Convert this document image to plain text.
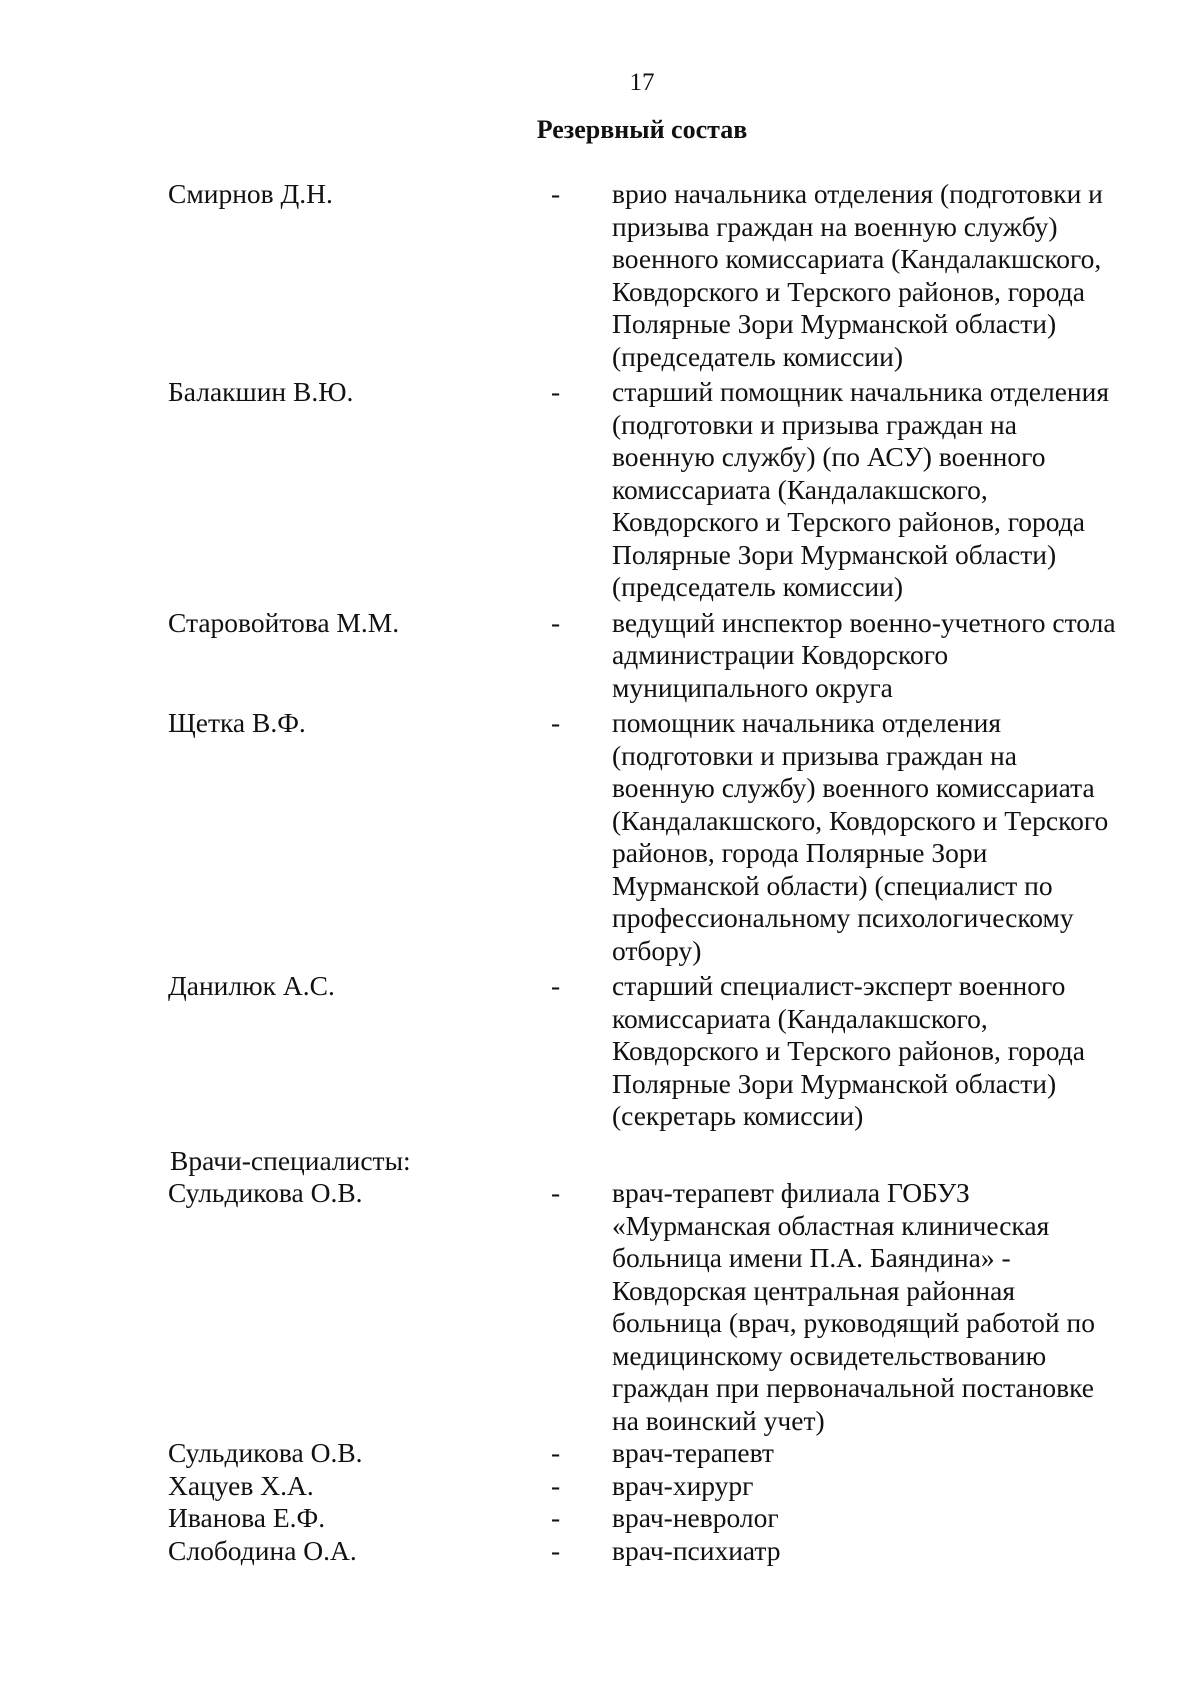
17
Резервный состав
Смирнов Д.Н.	- врио начальника отделения (подготовки и
призыва граждан на военную службу)
военного комиссариата (Кандалакшского,
Ковдорского и Терского районов, города
Полярные Зори Мурманской области)
(председатель комиссии)
Балакшин В.Ю.	- старший помощник начальника отделения
(подготовки и призыва граждан на
военную службу) (по АСУ) военного
комиссариата (Кандалакшского,
Ковдорского и Терского районов, города
Полярные Зори Мурманской области)
(председатель комиссии)
Старовойтова М.М.	- ведущий инспектор военно-учетного стола
администрации Ковдорского
муниципального округа
Щетка В.Ф.	- помощник начальника отделения
(подготовки и призыва граждан на
военную службу) военного комиссариата
(Кандалакшского, Ковдорского и Терского
районов, города Полярные Зори
Мурманской области) (специалист по
профессиональному психологическому
отбору)
Данилюк А.С.	- старший специалист-эксперт военного
комиссариата (Кандалакшского,
Ковдорского и Терского районов, города
Полярные Зори Мурманской области)
(секретарь комиссии)
Врачи-специалисты:
Сульдикова О.В.	- врач-терапевт филиала ГОБУЗ
«Мурманская областная клиническая
больница имени П.А. Баяндина» -
Ковдорская центральная районная
больница (врач, руководящий работой по
медицинскому освидетельствованию
граждан при первоначальной постановке
на воинский учет)
Сульдикова О.В.	- врач-терапевт
Хацуев Х.А.	- врач-хирург
Иванова Е.Ф.	- врач-невролог
Слободина О.А.	- врач-психиатр
